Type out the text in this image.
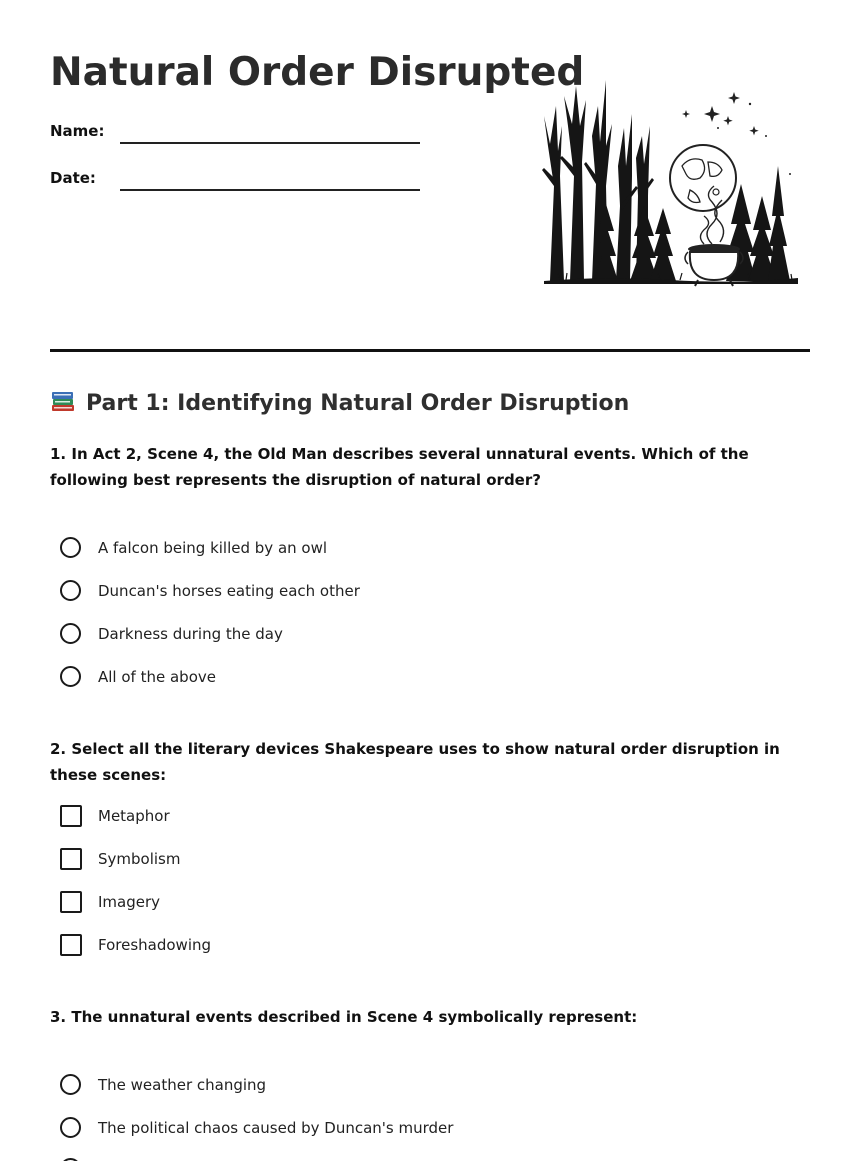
Natural Order Disrupted
Name:
Date:
Part 1: Identifying Natural Order Disruption

1. In Act 2, Scene 4, the Old Man describes several unnatural events. Which of the following best represents the disruption of natural order?

A falcon being killed by an owl
Duncan's horses eating each other
Darkness during the day
All of the above

2. Select all the literary devices Shakespeare uses to show natural order disruption in these scenes:

Metaphor
Symbolism
Imagery
Foreshadowing

3. The unnatural events described in Scene 4 symbolically represent:

The weather changing
The political chaos caused by Duncan's murder
